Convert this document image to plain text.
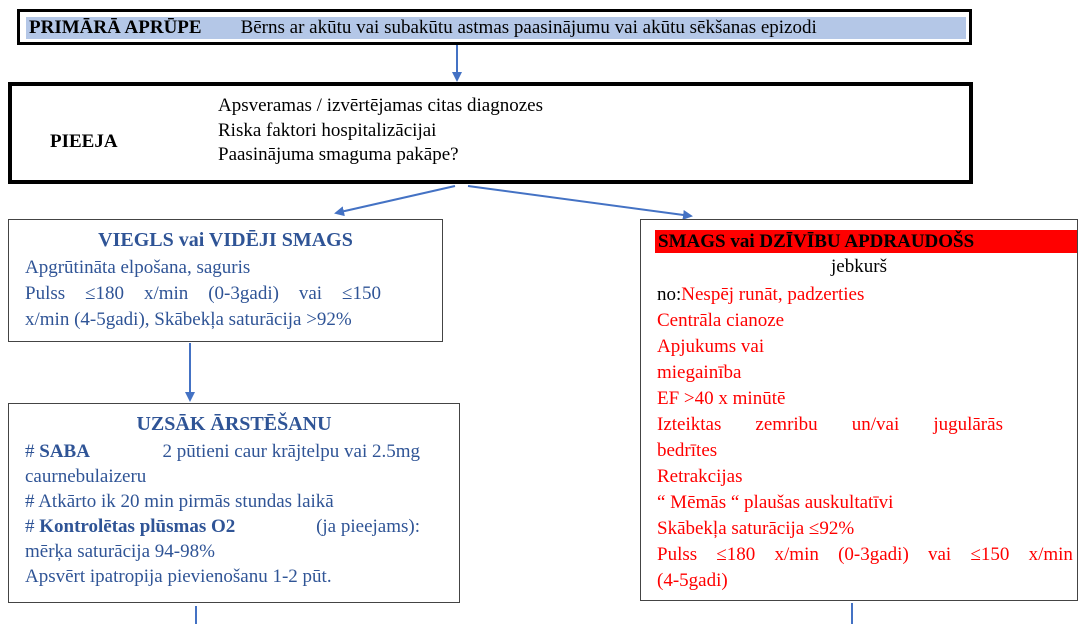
PRIMĀRĀ APRŪPE Bērns ar akūtu vai subakūtu astmas paasinājumu vai akūtu sēkšanas epizodi
PIEEJA
Apsveramas / izvērtējamas citas diagnozes
Riska faktori hospitalizācijai
Paasinājuma smaguma pakāpe?
VIEGLS vai VIDĒJI SMAGS
Apgrūtināta elpošana, saguris
Pulss ≤180 x/min (0-3gadi) vai ≤150
x/min (4-5gadi), Skābekļa saturācija >92%
UZSĀK ĀRSTĒŠANU
# SABA	2 pūtieni caur krājtelpu vai 2.5mg
caurnebulaizeru
# Atkārto ik 20 min pirmās stundas laikā
# Kontrolētas plūsmas O2	(ja pieejams):
mērķa saturācija 94-98%
Apsvērt ipatropija pievienošanu 1-2 pūt.
SMAGS vai DZĪVĪBU APDRAUDOŠS
jebkurš
no:Nespēj runāt, padzerties
Centrāla cianoze
Apjukums vai
miegainība
EF >40 x minūtē
Izteiktas zemribu un/vai jugulārās
bedrītes
Retrakcijas
“ Mēmās “ plaušas auskultatīvi
Skābekļa saturācija ≤92%
Pulss ≤180 x/min (0-3gadi) vai ≤150 x/min
(4-5gadi)
